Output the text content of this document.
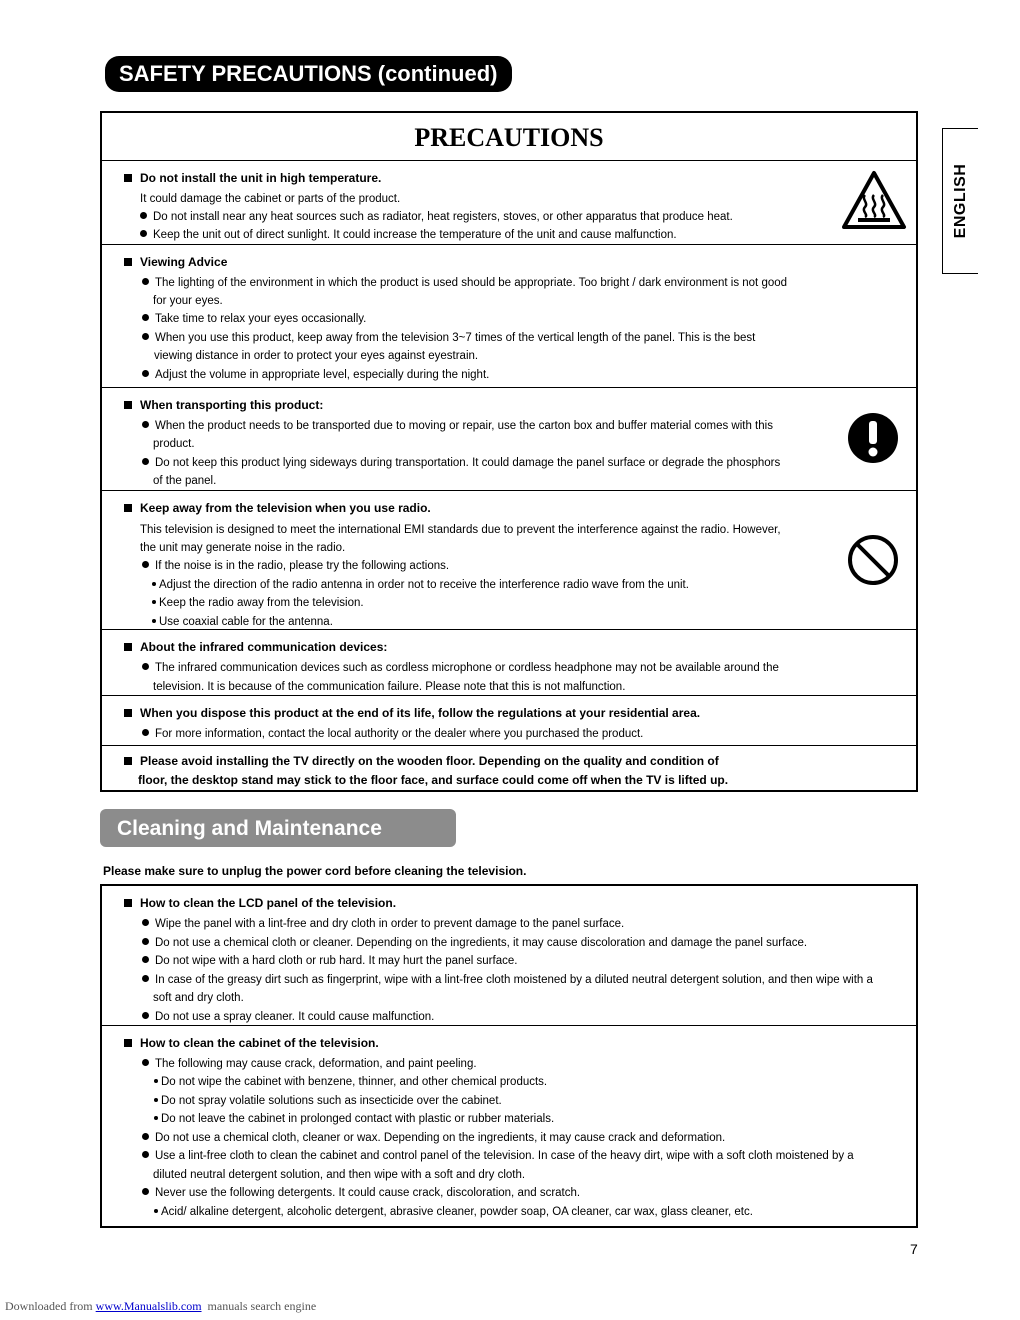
SAFETY PRECAUTIONS (continued)
ENGLISH
PRECAUTIONS
Do not install the unit in high temperature.
It could damage the cabinet or parts of the product.
Do not install near any heat sources such as radiator, heat registers, stoves, or other apparatus that produce heat.
Keep the unit out of direct sunlight. It could increase the temperature of the unit and cause malfunction.
Viewing Advice
The lighting of the environment in which the product is used should be appropriate. Too bright / dark environment is not good
for your eyes.
Take time to relax your eyes occasionally.
When you use this product, keep away from the television 3~7 times of the vertical length of the panel. This is the best
viewing distance in order to protect your eyes against eyestrain.
Adjust the volume in appropriate level, especially during the night.
When transporting this product:
When the product needs to be transported due to moving or repair, use the carton box and buffer material comes with this
product.
Do not keep this product lying sideways during transportation. It could damage the panel surface or degrade the phosphors
of the panel.
Keep away from the television when you use radio.
This television is designed to meet the international EMI standards due to prevent the interference against the radio. However,
the unit may generate noise in the radio.
If the noise is in the radio, please try the following actions.
Adjust the direction of the radio antenna in order not to receive the interference radio wave from the unit.
Keep the radio away from the television.
Use coaxial cable for the antenna.
About the infrared communication devices:
The infrared communication devices such as cordless microphone or cordless headphone may not be available around the
television. It is because of the communication failure. Please note that this is not malfunction.
When you dispose this product at the end of its life, follow the regulations at your residential area.
For more information, contact the local authority or the dealer where you purchased the product.
Please avoid installing the TV directly on the wooden floor. Depending on the quality and condition of
floor, the desktop stand may stick to the floor face, and surface could come off when the TV is lifted up.
Cleaning and Maintenance
Please make sure to unplug the power cord before cleaning the television.
How to clean the LCD panel of the television.
Wipe the panel with a lint-free and dry cloth in order to prevent damage to the panel surface.
Do not use a chemical cloth or cleaner. Depending on the ingredients, it may cause discoloration and damage the panel surface.
Do not wipe with a hard cloth or rub hard. It may hurt the panel surface.
In case of the greasy dirt such as fingerprint, wipe with a lint-free cloth moistened by a diluted neutral detergent solution, and then wipe with a
soft and dry cloth.
Do not use a spray cleaner. It could cause malfunction.
How to clean the cabinet of the television.
The following may cause crack, deformation, and paint peeling.
Do not wipe the cabinet with benzene, thinner, and other chemical products.
Do not spray volatile solutions such as insecticide over the cabinet.
Do not leave the cabinet in prolonged contact with plastic or rubber materials.
Do not use a chemical cloth, cleaner or wax. Depending on the ingredients, it may cause crack and deformation.
Use a lint-free cloth to clean the cabinet and control panel of the television. In case of the heavy dirt, wipe with a soft cloth moistened by a
diluted neutral detergent solution, and then wipe with a soft and dry cloth.
Never use the following detergents. It could cause crack, discoloration, and scratch.
Acid/ alkaline detergent, alcoholic detergent, abrasive cleaner, powder soap, OA cleaner, car wax, glass cleaner, etc.
7
Downloaded from www.Manualslib.com manuals search engine
